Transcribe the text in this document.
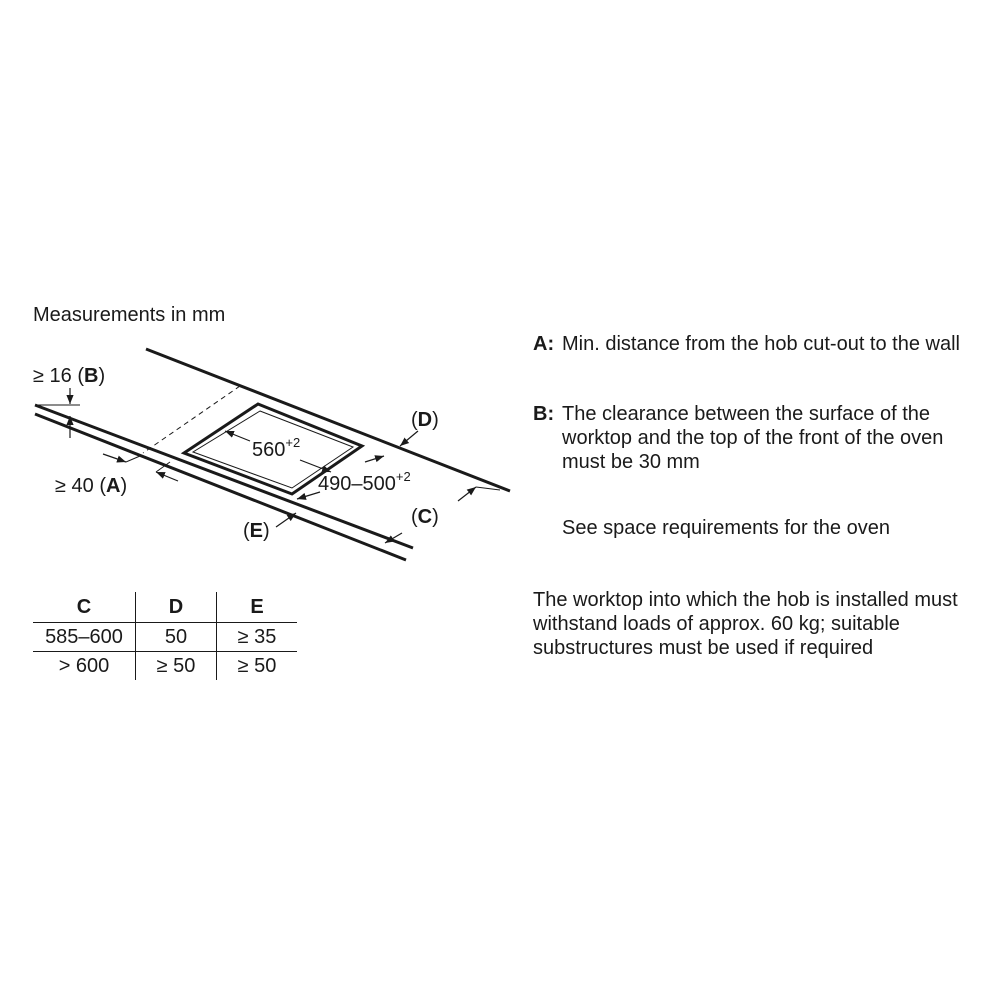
Measurements in mm
≥ 16 (B)
≥ 40 (A)
(D)
(C)
(E)
$560^{+2}$
$490-500^{+2}$
C	D	E
585–600	50	≥ 35
> 600	≥ 50	≥ 50
A: Min. distance from the hob cut-out to the wall
B: The clearance between the surface of the worktop and the top of the front of the oven must be 30 mm
See space requirements for the oven
The worktop into which the hob is installed must withstand loads of approx. 60 kg; suitable substructures must be used if required
